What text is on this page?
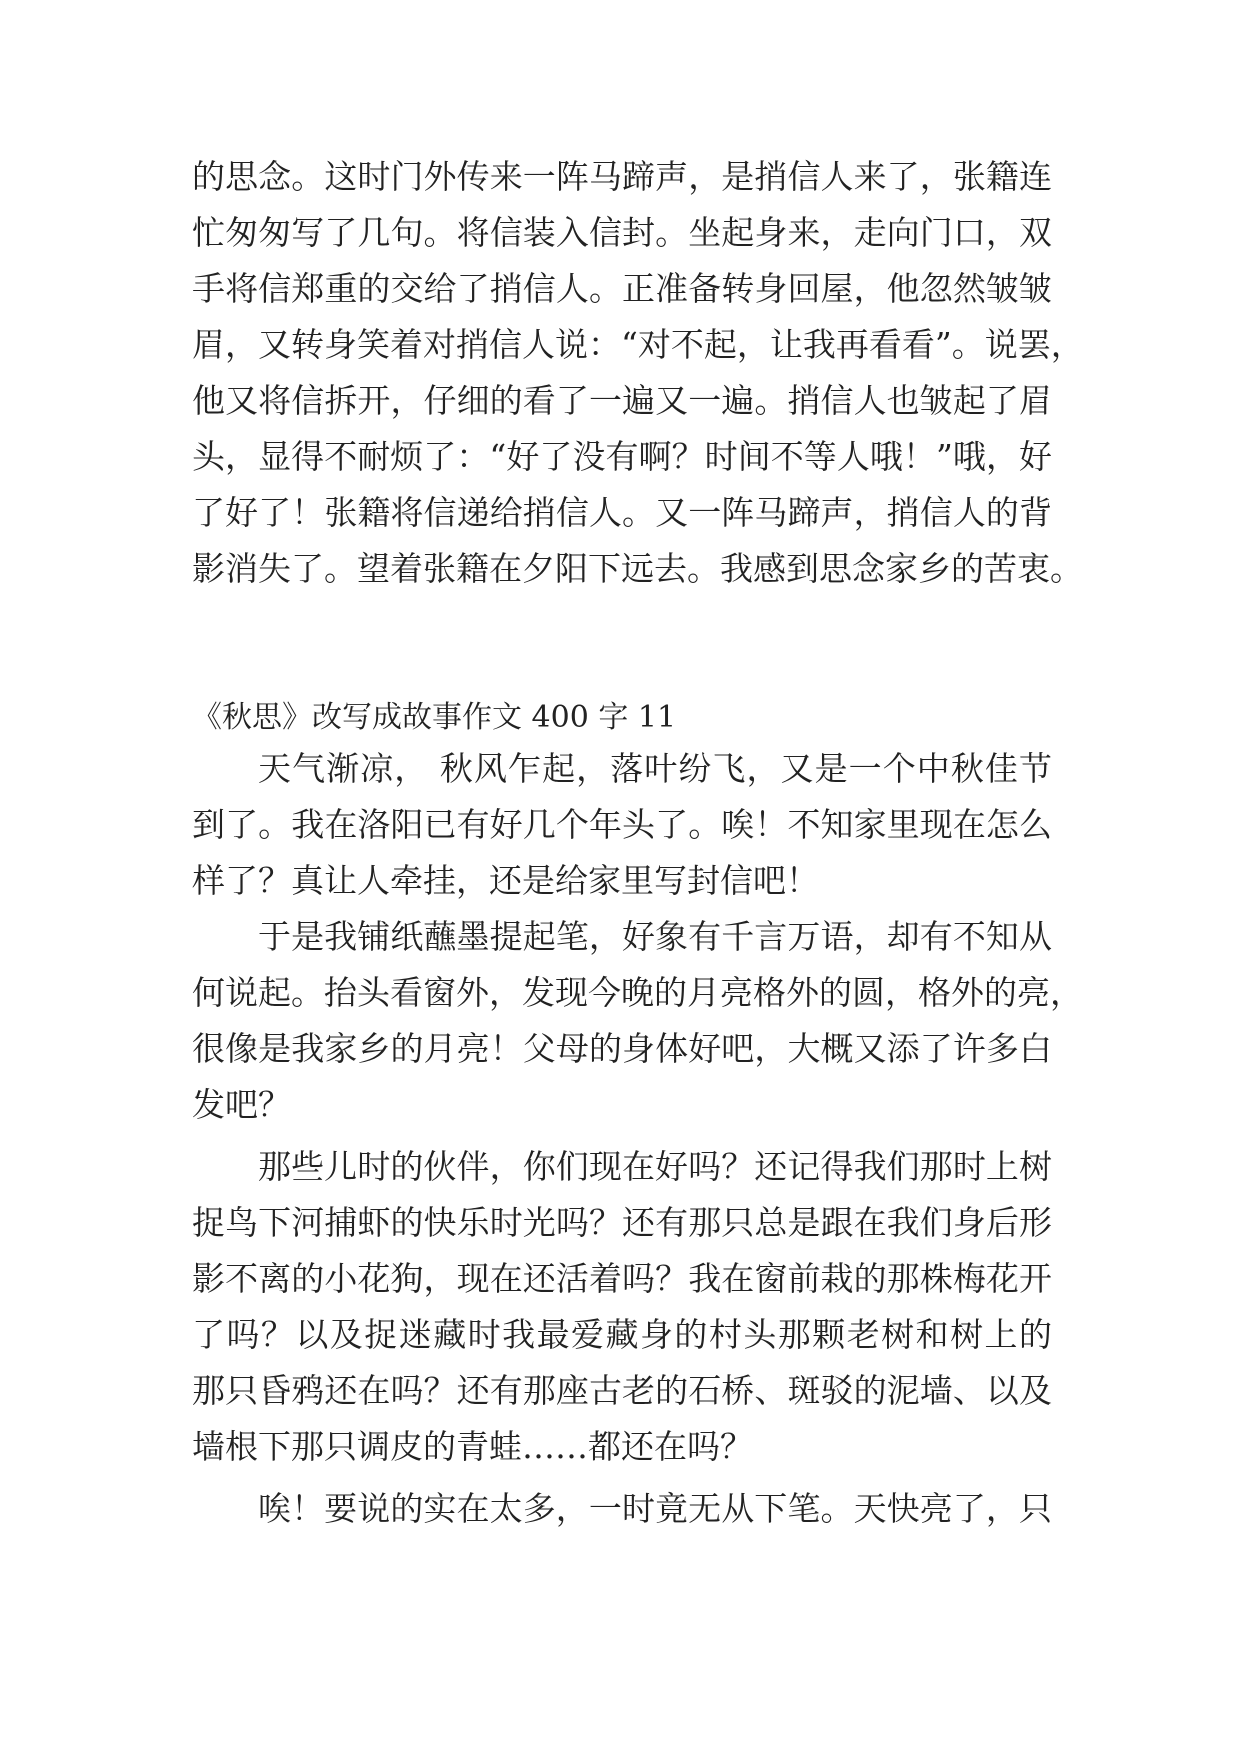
的思念。这时门外传来一阵马蹄声，是捎信人来了，张籍连
忙匆匆写了几句。将信装入信封。坐起身来，走向门口，双
手将信郑重的交给了捎信人。正准备转身回屋，他忽然皱皱
眉，又转身笑着对捎信人说：“对不起，让我再看看”。说罢，
他又将信拆开，仔细的看了一遍又一遍。捎信人也皱起了眉
头，显得不耐烦了：“好了没有啊？时间不等人哦！”哦，好
了好了！张籍将信递给捎信人。又一阵马蹄声，捎信人的背
影消失了。望着张籍在夕阳下远去。我感到思念家乡的苦衷。
《秋思》改写成故事作文 400 字 11
天气渐凉， 秋风乍起，落叶纷飞，又是一个中秋佳节
到了。我在洛阳已有好几个年头了。唉！不知家里现在怎么
样了？真让人牵挂，还是给家里写封信吧！
于是我铺纸蘸墨提起笔，好象有千言万语，却有不知从
何说起。抬头看窗外，发现今晚的月亮格外的圆，格外的亮，
很像是我家乡的月亮！父母的身体好吧，大概又添了许多白
发吧？
那些儿时的伙伴，你们现在好吗？还记得我们那时上树
捉鸟下河捕虾的快乐时光吗？还有那只总是跟在我们身后形
影不离的小花狗，现在还活着吗？我在窗前栽的那株梅花开
了吗？以及捉迷藏时我最爱藏身的村头那颗老树和树上的
那只昏鸦还在吗？还有那座古老的石桥、斑驳的泥墙、以及
墙根下那只调皮的青蛙……都还在吗？
唉！要说的实在太多，一时竟无从下笔。天快亮了，只
